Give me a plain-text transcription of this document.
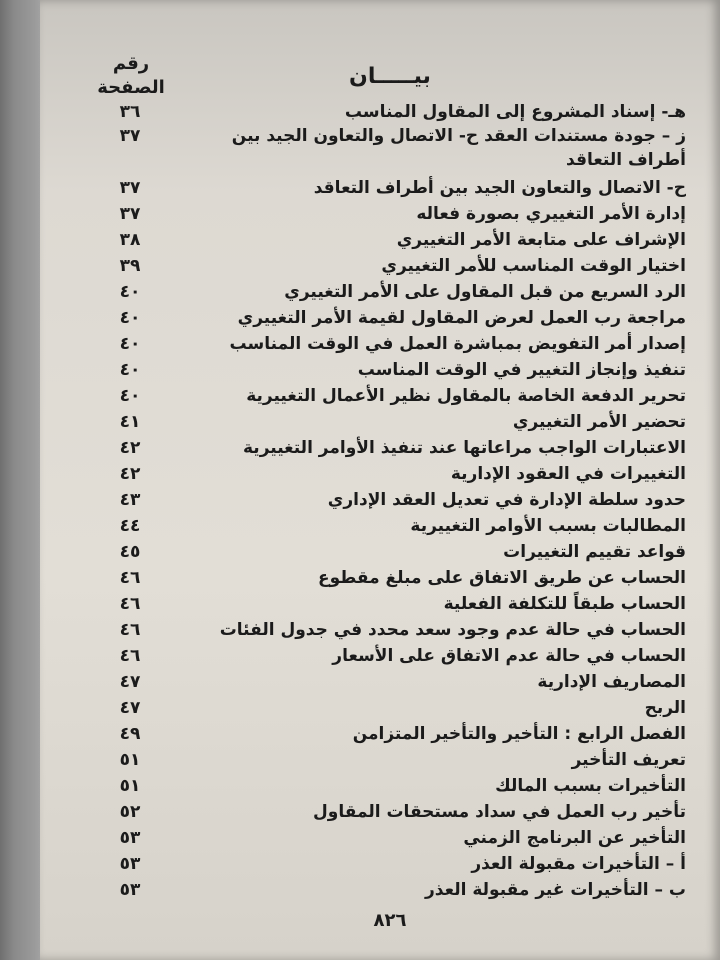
بيـــــان
رقم
الصفحة
هـ- إسناد المشروع إلى المقاول المناسب
٣٦
ز – جودة مستندات العقد ح- الاتصال والتعاون الجيد بين أطراف التعاقد
٣٧
ح- الاتصال والتعاون الجيد بين أطراف التعاقد
٣٧
إدارة الأمر التغييري بصورة فعاله
٣٧
الإشراف على متابعة الأمر التغييري
٣٨
اختيار الوقت المناسب للأمر التغييري
٣٩
الرد السريع من قبل المقاول على الأمر التغييري
٤٠
مراجعة رب العمل لعرض المقاول لقيمة الأمر التغييري
٤٠
إصدار أمر التفويض بمباشرة العمل في الوقت المناسب
٤٠
تنفيذ وإنجاز التغيير في الوقت المناسب
٤٠
تحرير الدفعة الخاصة بالمقاول نظير الأعمال التغييرية
٤٠
تحضير الأمر التغييري
٤١
الاعتبارات الواجب مراعاتها عند تنفيذ الأوامر التغييرية
٤٢
التغييرات في العقود الإدارية
٤٢
حدود سلطة الإدارة في تعديل العقد الإداري
٤٣
المطالبات بسبب الأوامر التغييرية
٤٤
قواعد تقييم التغييرات
٤٥
الحساب عن طريق الاتفاق على مبلغ مقطوع
٤٦
الحساب طبقاً للتكلفة الفعلية
٤٦
الحساب في حالة عدم وجود سعد محدد في جدول الفئات
٤٦
الحساب في حالة عدم الاتفاق على الأسعار
٤٦
المصاريف الإدارية
٤٧
الربح
٤٧
الفصل الرابع : التأخير والتأخير المتزامن
٤٩
تعريف التأخير
٥١
التأخيرات بسبب المالك
٥١
تأخير رب العمل في سداد مستحقات المقاول
٥٢
التأخير عن البرنامج الزمني
٥٣
أ – التأخيرات مقبولة العذر
٥٣
ب – التأخيرات غير مقبولة العذر
٥٣
٨٢٦
